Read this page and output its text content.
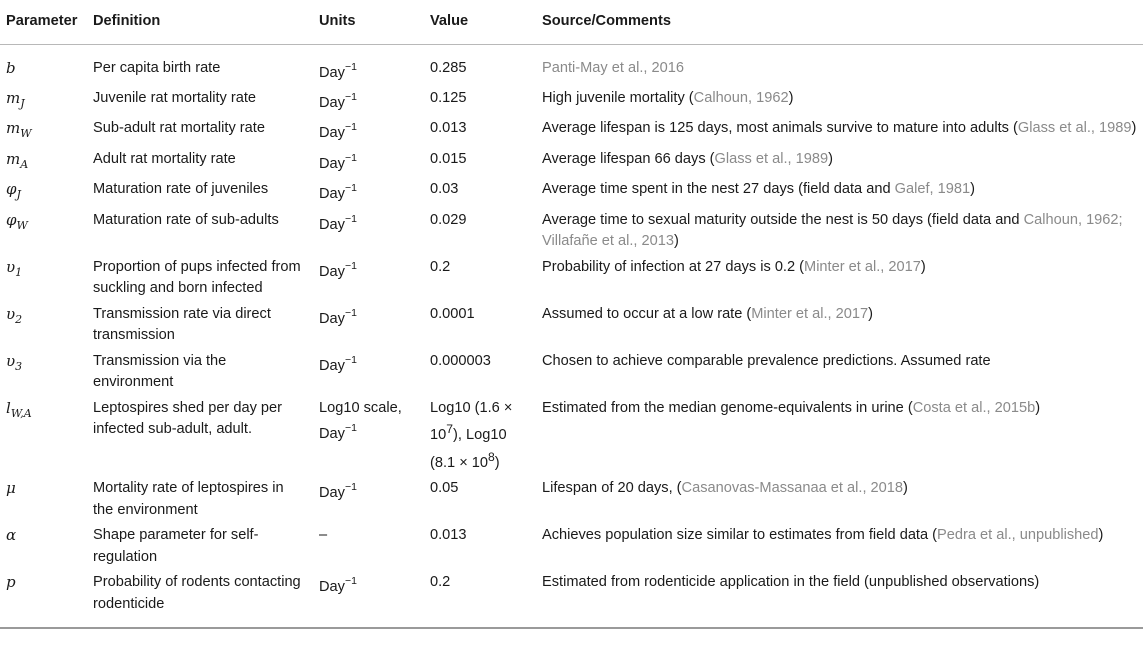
Parameter	Definition	Units	Value	Source/Comments
b	Per capita birth rate	Day$^{-1}$	0.285	Panti-May et al., 2016
$m_J$	Juvenile rat mortality rate	Day$^{-1}$	0.125	High juvenile mortality (Calhoun, 1962)
$m_W$	Sub-adult rat mortality rate	Day$^{-1}$	0.013	Average lifespan is 125 days, most animals survive to mature into adults (Glass et al., 1989)
$m_A$	Adult rat mortality rate	Day$^{-1}$	0.015	Average lifespan 66 days (Glass et al., 1989)
$\varphi_J$	Maturation rate of juveniles	Day$^{-1}$	0.03	Average time spent in the nest 27 days (field data and Galef, 1981)
$\varphi_W$	Maturation rate of sub-adults	Day$^{-1}$	0.029	Average time to sexual maturity outside the nest is 50 days (field data and Calhoun, 1962; Villafañe et al., 2013)
$\upsilon_1$	Proportion of pups infected from suckling and born infected	Day$^{-1}$	0.2	Probability of infection at 27 days is 0.2 (Minter et al., 2017)
$\upsilon_2$	Transmission rate via direct transmission	Day$^{-1}$	0.0001	Assumed to occur at a low rate (Minter et al., 2017)
$\upsilon_3$	Transmission via the environment	Day$^{-1}$	0.000003	Chosen to achieve comparable prevalence predictions. Assumed rate
$l_{W,A}$	Leptospires shed per day per infected sub-adult, adult.	Log10 scale, Day$^{-1}$	Log10 $(1.6 \times 10^7)$, Log10 $(8.1 \times 10^8)$	Estimated from the median genome-equivalents in urine (Costa et al., 2015b)
μ	Mortality rate of leptospires in the environment	Day$^{-1}$	0.05	Lifespan of 20 days, (Casanovas-Massanaa et al., 2018)
α	Shape parameter for self-regulation	–	0.013	Achieves population size similar to estimates from field data (Pedra et al., unpublished)
p	Probability of rodents contacting rodenticide	Day$^{-1}$	0.2	Estimated from rodenticide application in the field (unpublished observations)
